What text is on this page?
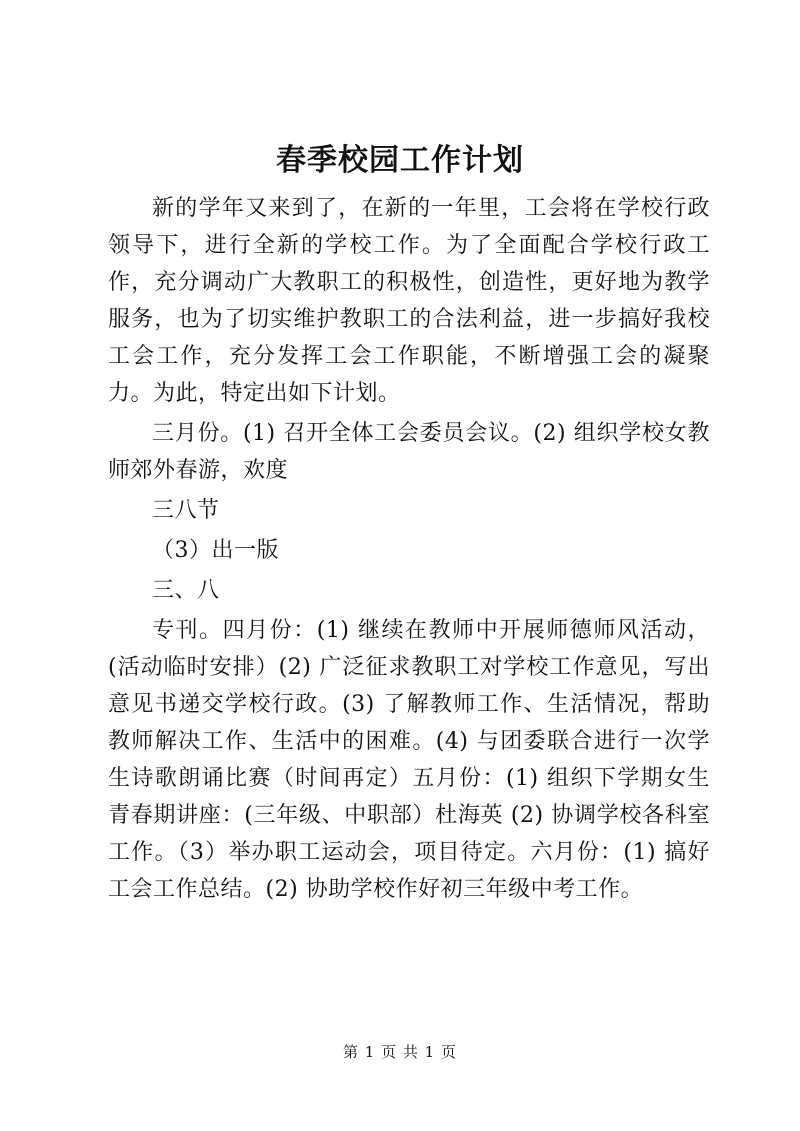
春季校园工作计划

新的学年又来到了，在新的一年里，工会将在学校行政领导下，进行全新的学校工作。为了全面配合学校行政工作，充分调动广大教职工的积极性，创造性，更好地为教学服务，也为了切实维护教职工的合法利益，进一步搞好我校工会工作，充分发挥工会工作职能，不断增强工会的凝聚力。为此，特定出如下计划。

三月份。(1) 召开全体工会委员会议。(2) 组织学校女教师郊外春游，欢度

三八节

（3）出一版

三、八

专刊。四月份：(1) 继续在教师中开展师德师风活动，(活动临时安排）(2) 广泛征求教职工对学校工作意见，写出意见书递交学校行政。(3) 了解教师工作、生活情况，帮助教师解决工作、生活中的困难。(4) 与团委联合进行一次学生诗歌朗诵比赛（时间再定）五月份：(1) 组织下学期女生青春期讲座：(三年级、中职部）杜海英 (2) 协调学校各科室工作。（3）举办职工运动会，项目待定。六月份：(1) 搞好工会工作总结。(2) 协助学校作好初三年级中考工作。

第 1 页 共 1 页
